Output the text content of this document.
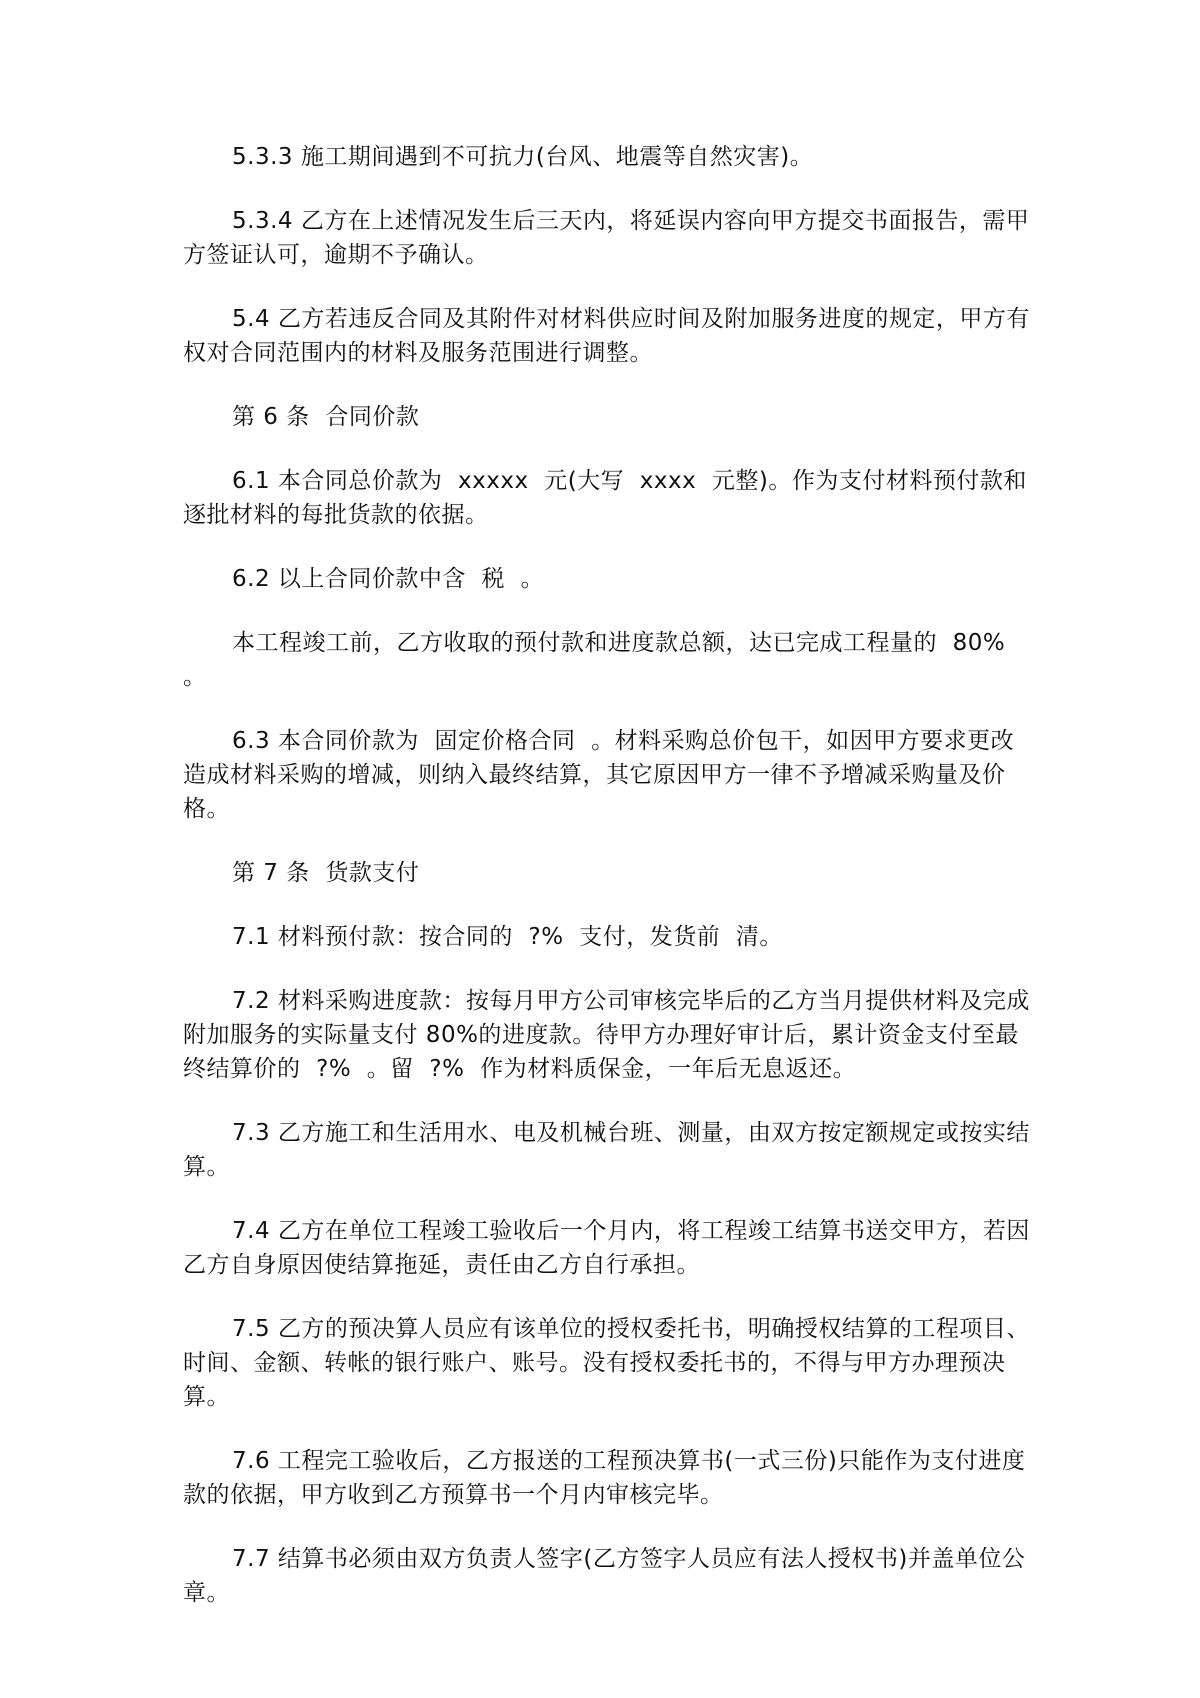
5.3.3 施工期间遇到不可抗力(台风、地震等自然灾害)。

5.3.4 乙方在上述情况发生后三天内，将延误内容向甲方提交书面报告，需甲方签证认可，逾期不予确认。

5.4 乙方若违反合同及其附件对材料供应时间及附加服务进度的规定，甲方有权对合同范围内的材料及服务范围进行调整。

第 6 条  合同价款

6.1 本合同总价款为  xxxxx  元(大写  xxxx  元整)。作为支付材料预付款和逐批材料的每批货款的依据。

6.2 以上合同价款中含  税  。

本工程竣工前，乙方收取的预付款和进度款总额，达已完成工程量的  80%  。

6.3 本合同价款为  固定价格合同  。材料采购总价包干，如因甲方要求更改造成材料采购的增减，则纳入最终结算，其它原因甲方一律不予增减采购量及价格。

第 7 条  货款支付

7.1 材料预付款：按合同的  ?%  支付，发货前  清。

7.2 材料采购进度款：按每月甲方公司审核完毕后的乙方当月提供材料及完成附加服务的实际量支付 80%的进度款。待甲方办理好审计后，累计资金支付至最终结算价的  ?%  。留  ?%  作为材料质保金，一年后无息返还。

7.3 乙方施工和生活用水、电及机械台班、测量，由双方按定额规定或按实结算。

7.4 乙方在单位工程竣工验收后一个月内，将工程竣工结算书送交甲方，若因乙方自身原因使结算拖延，责任由乙方自行承担。

7.5 乙方的预决算人员应有该单位的授权委托书，明确授权结算的工程项目、时间、金额、转帐的银行账户、账号。没有授权委托书的，不得与甲方办理预决算。

7.6 工程完工验收后，乙方报送的工程预决算书(一式三份)只能作为支付进度款的依据，甲方收到乙方预算书一个月内审核完毕。

7.7 结算书必须由双方负责人签字(乙方签字人员应有法人授权书)并盖单位公章。
